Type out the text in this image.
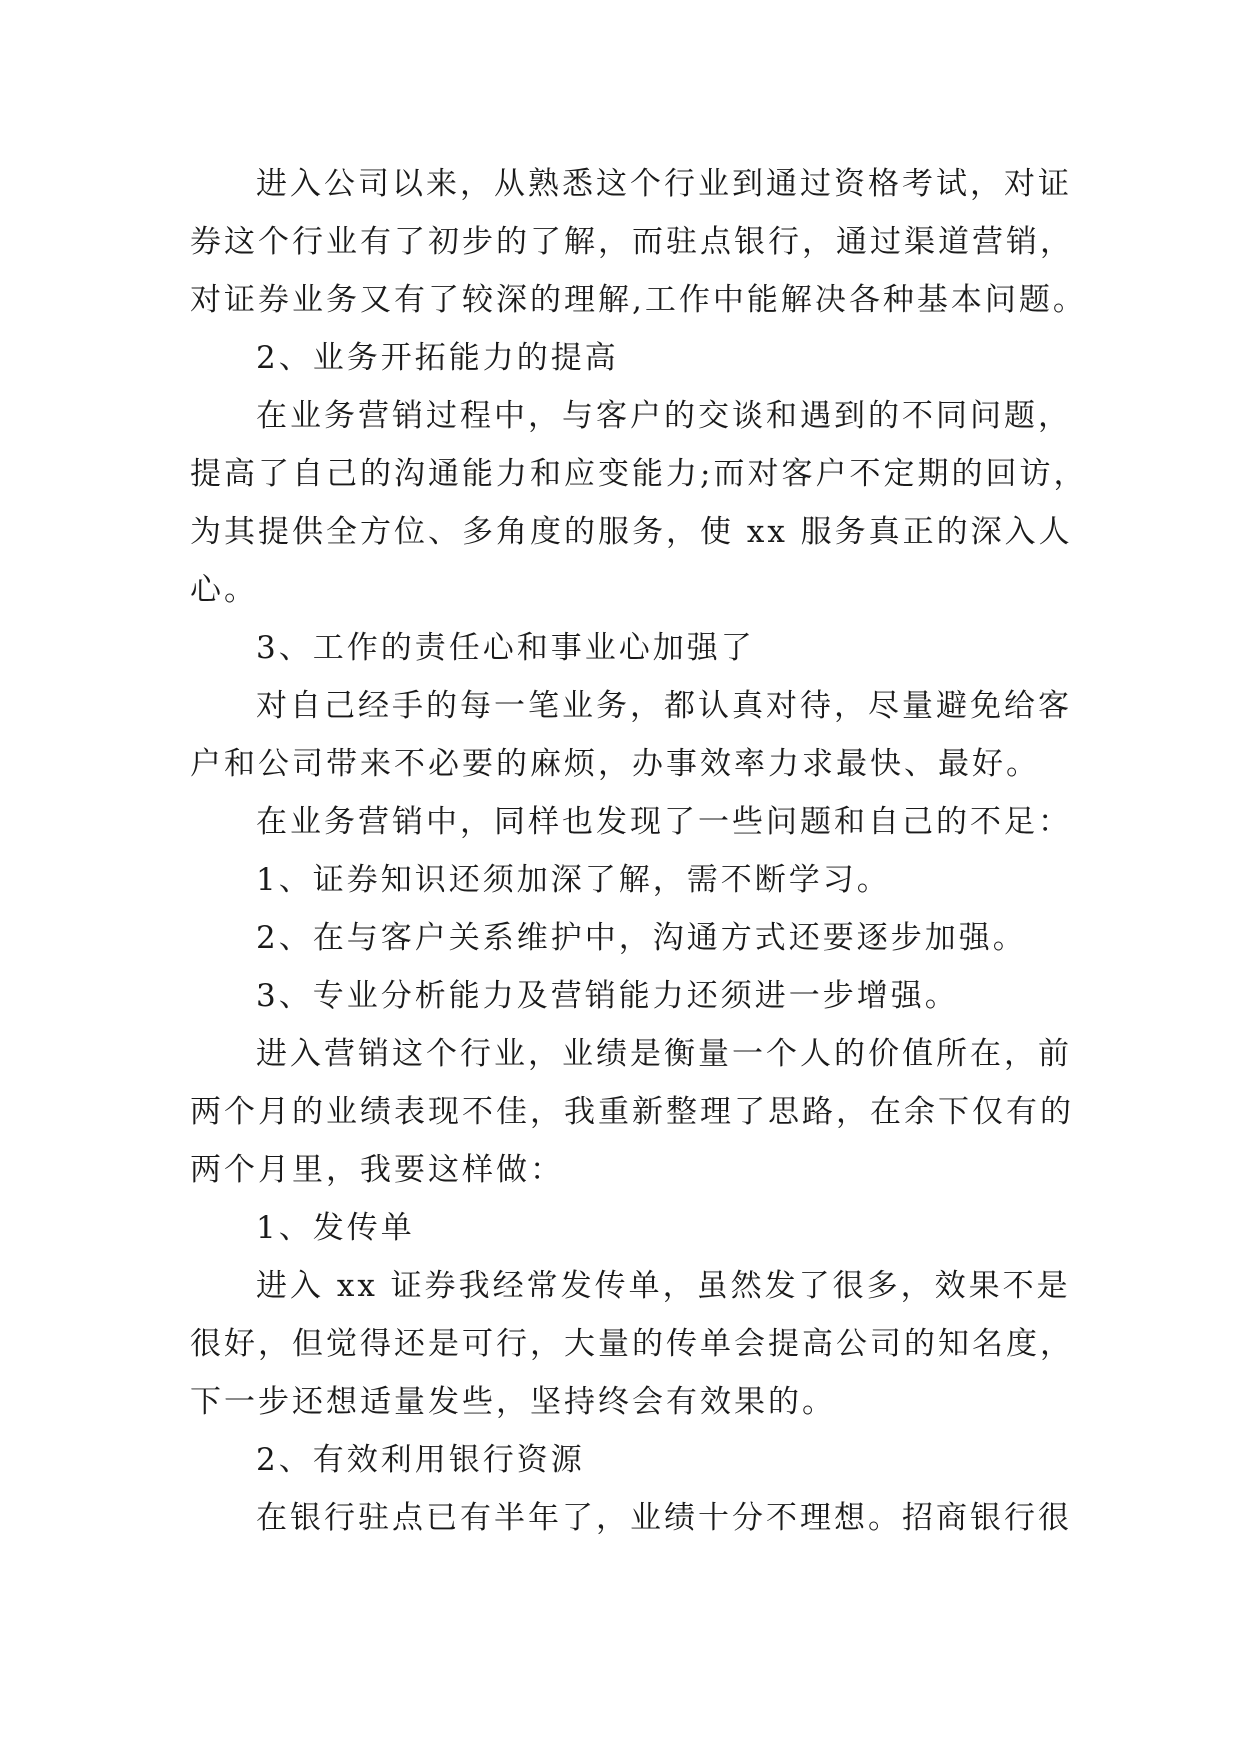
进入公司以来，从熟悉这个行业到通过资格考试，对证
券这个行业有了初步的了解，而驻点银行，通过渠道营销，
对证券业务又有了较深的理解,工作中能解决各种基本问题。
2、业务开拓能力的提高
在业务营销过程中，与客户的交谈和遇到的不同问题，
提高了自己的沟通能力和应变能力;而对客户不定期的回访，
为其提供全方位、多角度的服务，使 xx 服务真正的深入人
心。
3、工作的责任心和事业心加强了
对自己经手的每一笔业务，都认真对待，尽量避免给客
户和公司带来不必要的麻烦，办事效率力求最快、最好。
在业务营销中，同样也发现了一些问题和自己的不足：
1、证券知识还须加深了解，需不断学习。
2、在与客户关系维护中，沟通方式还要逐步加强。
3、专业分析能力及营销能力还须进一步增强。
进入营销这个行业，业绩是衡量一个人的价值所在，前
两个月的业绩表现不佳，我重新整理了思路，在余下仅有的
两个月里，我要这样做：
1、发传单
进入 xx 证券我经常发传单，虽然发了很多，效果不是
很好，但觉得还是可行，大量的传单会提高公司的知名度，
下一步还想适量发些，坚持终会有效果的。
2、有效利用银行资源
在银行驻点已有半年了，业绩十分不理想。招商银行很
